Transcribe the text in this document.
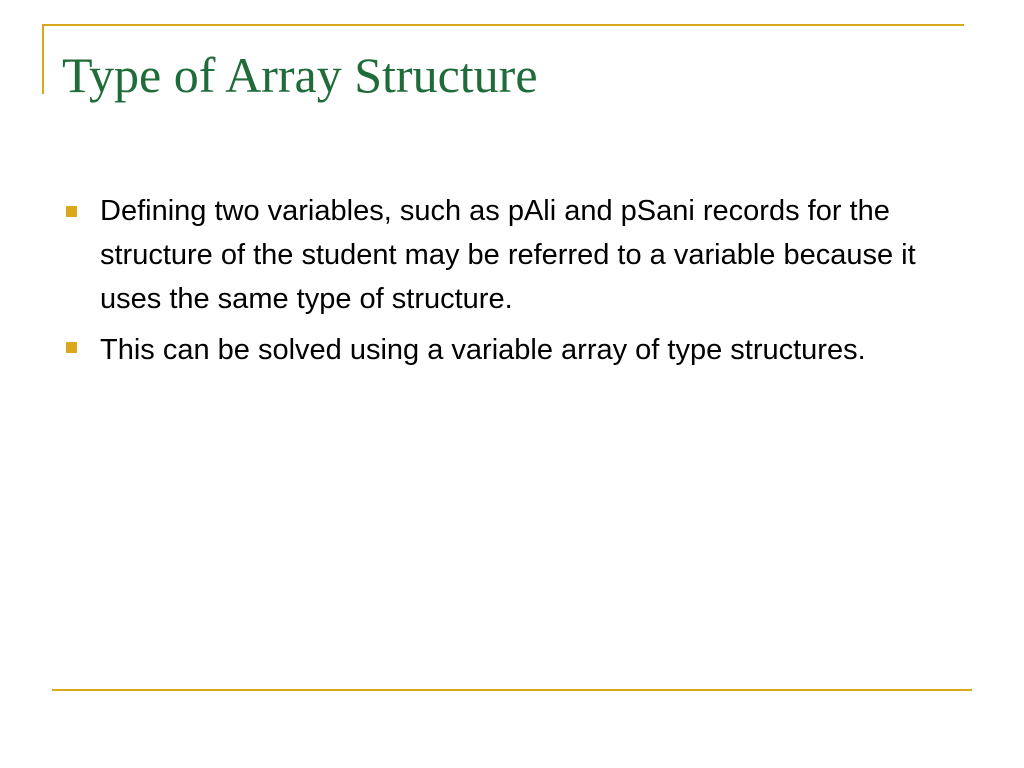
Type of Array Structure
Defining two variables, such as pAli and pSani records for the structure of the student may be referred to a variable because it uses the same type of structure.
This can be solved using a variable array of type structures.
